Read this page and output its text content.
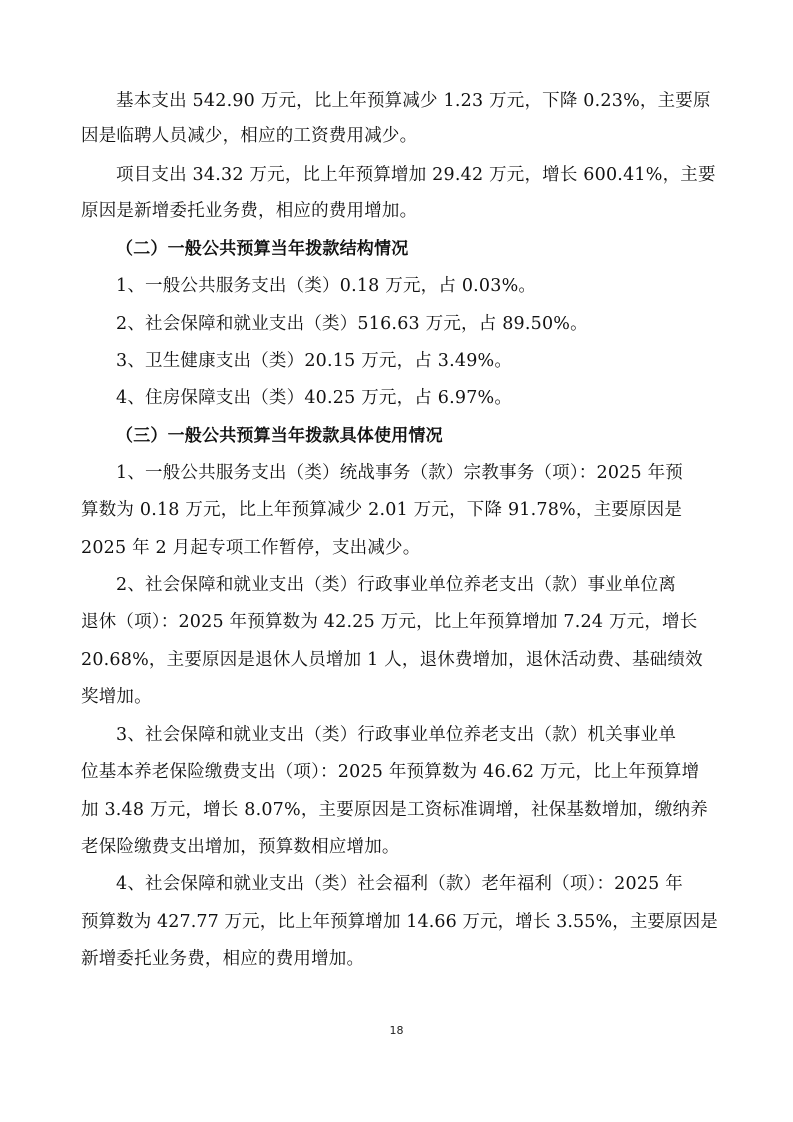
基本支出 542.90 万元，比上年预算减少 1.23 万元，下降 0.23%，主要原
因是临聘人员减少，相应的工资费用减少。
项目支出 34.32 万元，比上年预算增加 29.42 万元，增长 600.41%，主要
原因是新增委托业务费，相应的费用增加。
（二）一般公共预算当年拨款结构情况
1、一般公共服务支出（类）0.18 万元，占 0.03%。
2、社会保障和就业支出（类）516.63 万元，占 89.50%。
3、卫生健康支出（类）20.15 万元，占 3.49%。
4、住房保障支出（类）40.25 万元，占 6.97%。
（三）一般公共预算当年拨款具体使用情况
1、一般公共服务支出（类）统战事务（款）宗教事务（项）：2025 年预
算数为 0.18 万元，比上年预算减少 2.01 万元，下降 91.78%，主要原因是
2025 年 2 月起专项工作暂停，支出减少。
2、社会保障和就业支出（类）行政事业单位养老支出（款）事业单位离
退休（项）：2025 年预算数为 42.25 万元，比上年预算增加 7.24 万元，增长
20.68%，主要原因是退休人员增加 1 人，退休费增加，退休活动费、基础绩效
奖增加。
3、社会保障和就业支出（类）行政事业单位养老支出（款）机关事业单
位基本养老保险缴费支出（项）：2025 年预算数为 46.62 万元，比上年预算增
加 3.48 万元，增长 8.07%，主要原因是工资标准调增，社保基数增加，缴纳养
老保险缴费支出增加，预算数相应增加。
4、社会保障和就业支出（类）社会福利（款）老年福利（项）：2025 年
预算数为 427.77 万元，比上年预算增加 14.66 万元，增长 3.55%，主要原因是
新增委托业务费，相应的费用增加。
18
